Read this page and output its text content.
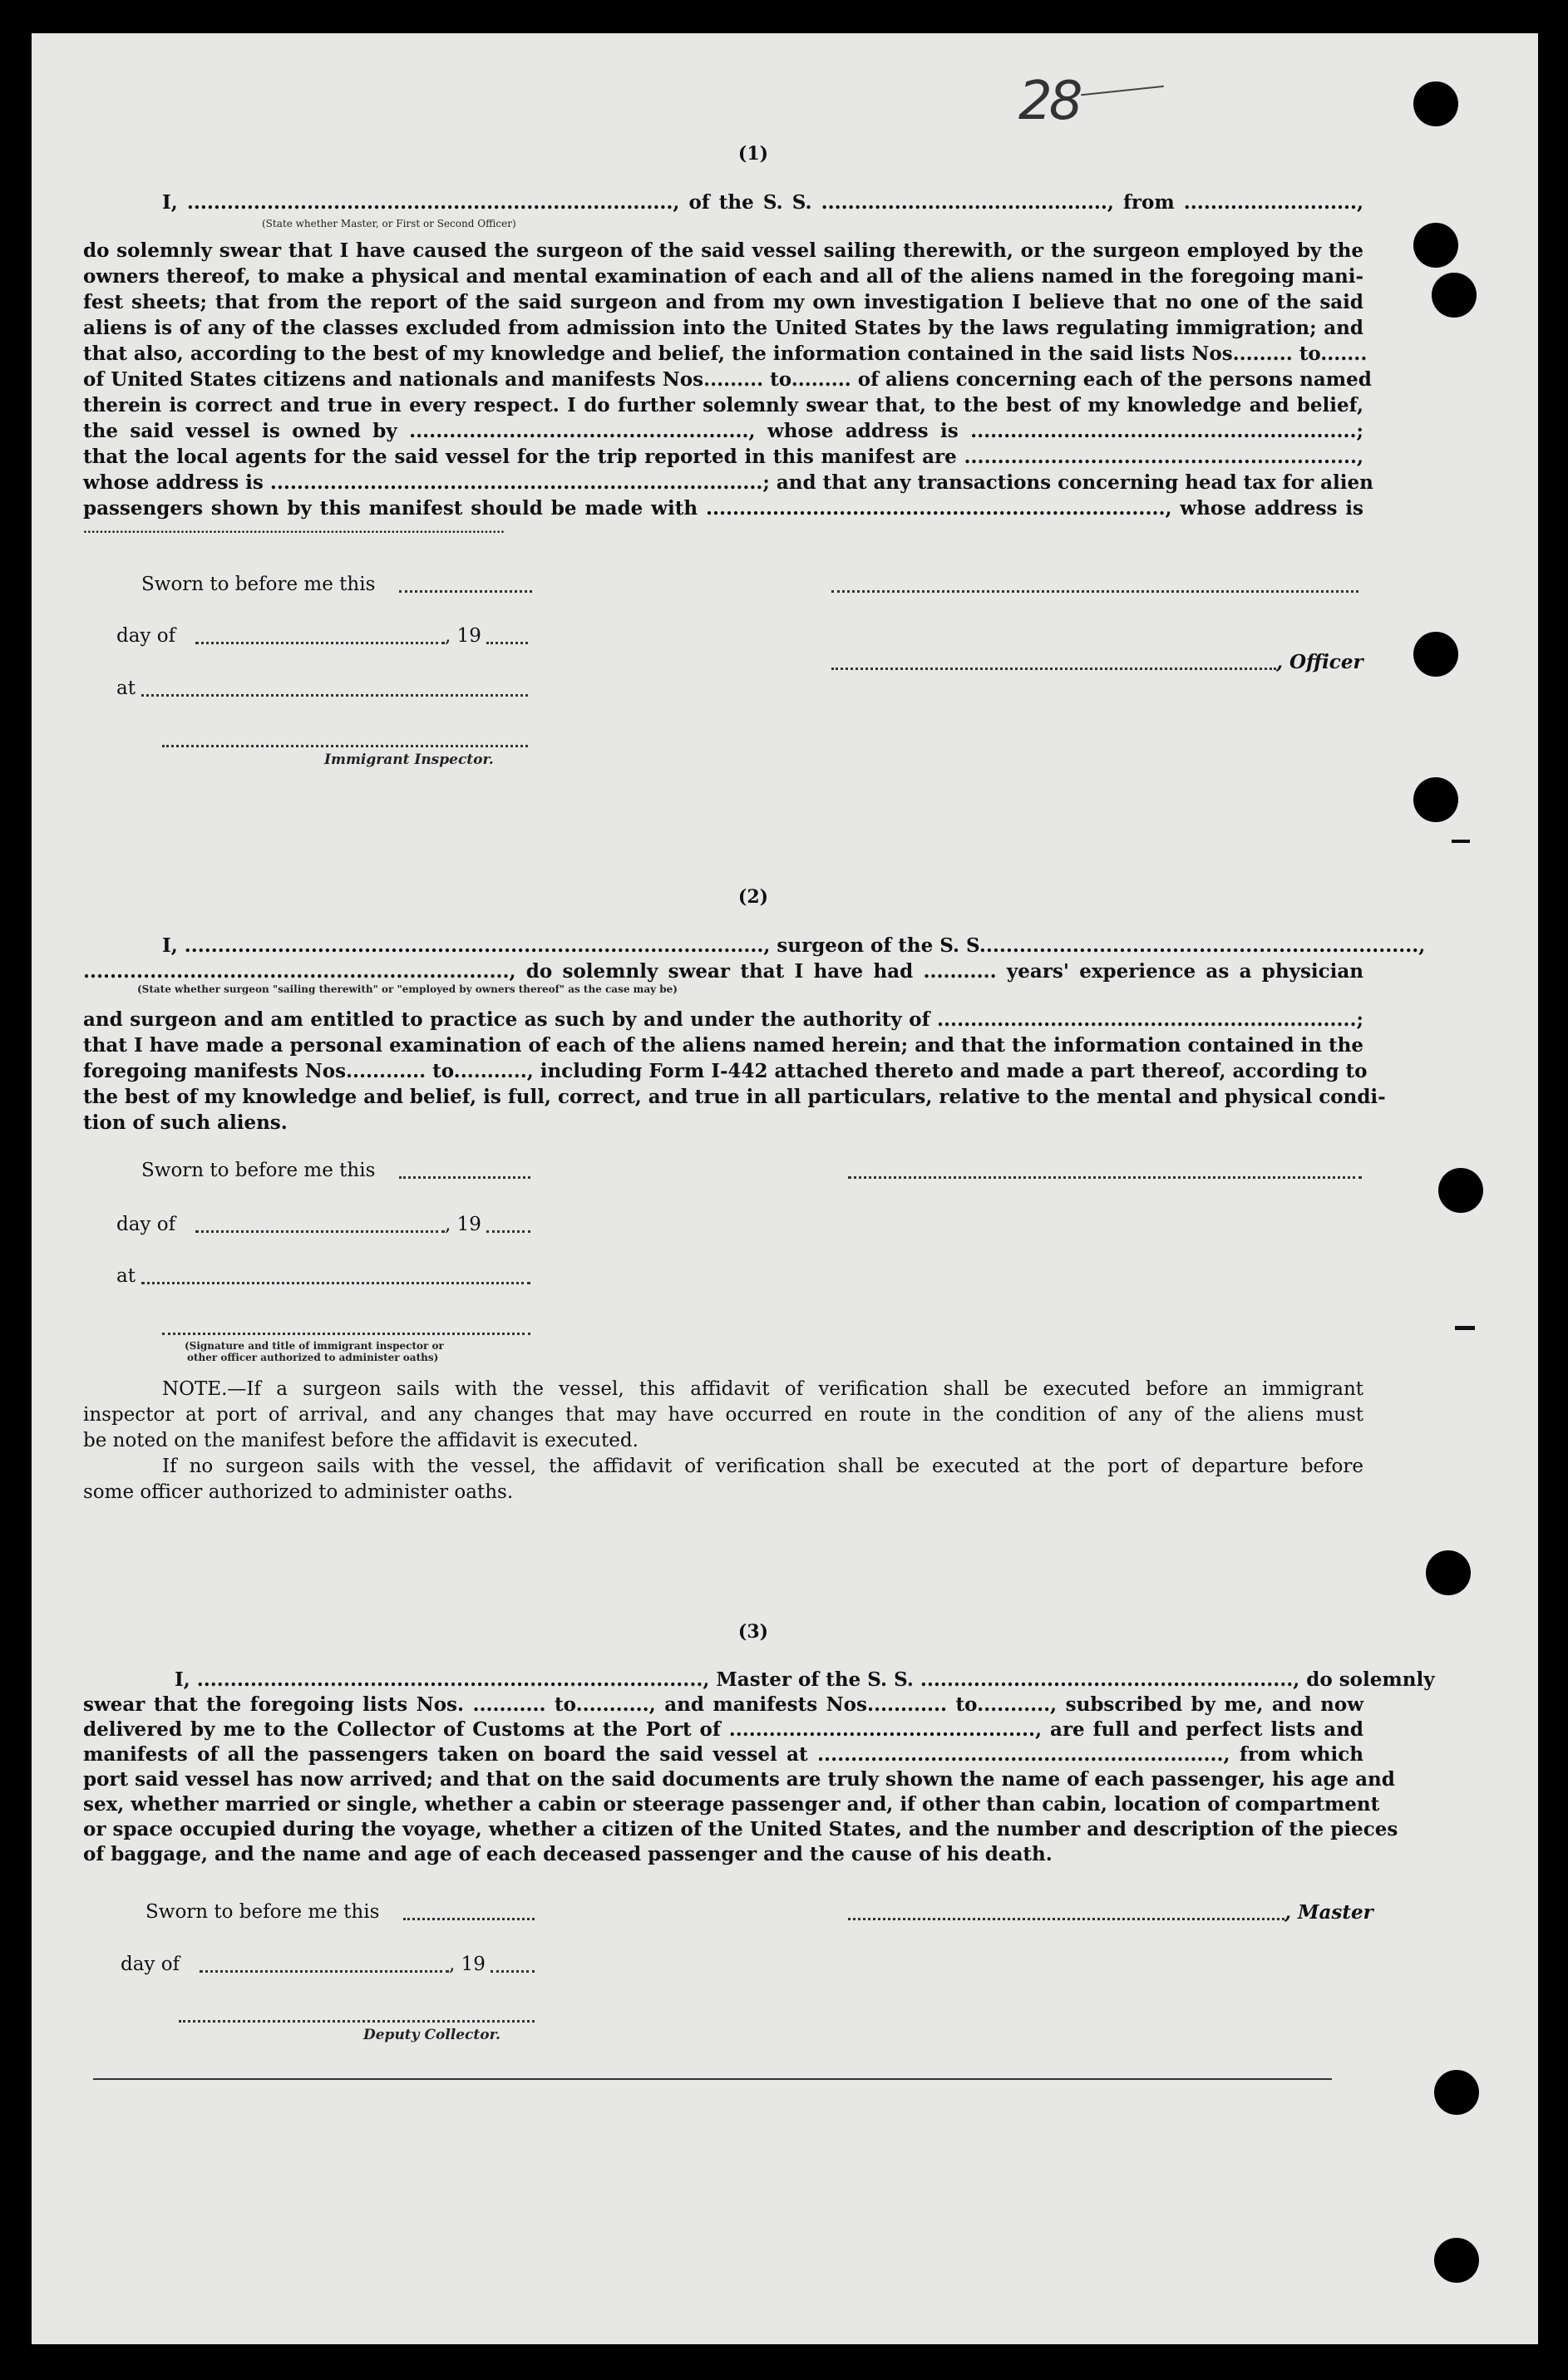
28
(1)
I, ........................................................................., of the S. S. ..........................................., from ..........................,
(State whether Master, or First or Second Officer)
do solemnly swear that I have caused the surgeon of the said vessel sailing therewith, or the surgeon employed by the
owners thereof, to make a physical and mental examination of each and all of the aliens named in the foregoing mani-
fest sheets; that from the report of the said surgeon and from my own investigation I believe that no one of the said
aliens is of any of the classes excluded from admission into the United States by the laws regulating immigration; and
that also, according to the best of my knowledge and belief, the information contained in the said lists Nos......... to.......
of United States citizens and nationals and manifests Nos......... to......... of aliens concerning each of the persons named
therein is correct and true in every respect. I do further solemnly swear that, to the best of my knowledge and belief,
the said vessel is owned by ..................................................., whose address is ..........................................................;
that the local agents for the said vessel for the trip reported in this manifest are ...........................................................,
whose address is ..........................................................................; and that any transactions concerning head tax for alien
passengers shown by this manifest should be made with ....................................................................., whose address is
........................................................................................................
Sworn to before me this
day of	, 19
, Officer
at
Immigrant Inspector.
(2)
I, ......................................................................................., surgeon of the S. S..................................................................,
................................................................, do solemnly swear that I have had ........... years' experience as a physician
(State whether surgeon "sailing therewith" or "employed by owners thereof" as the case may be)
and surgeon and am entitled to practice as such by and under the authority of ...............................................................;
that I have made a personal examination of each of the aliens named herein; and that the information contained in the
foregoing manifests Nos............ to..........., including Form I-442 attached thereto and made a part thereof, according to
the best of my knowledge and belief, is full, correct, and true in all particulars, relative to the mental and physical condi-
tion of such aliens.
Sworn to before me this
day of	, 19
at
(Signature and title of immigrant inspector or
other officer authorized to administer oaths)
NOTE.—If a surgeon sails with the vessel, this affidavit of verification shall be executed before an immigrant
inspector at port of arrival, and any changes that may have occurred en route in the condition of any of the aliens must
be noted on the manifest before the affidavit is executed.
If no surgeon sails with the vessel, the affidavit of verification shall be executed at the port of departure before
some officer authorized to administer oaths.
(3)
I, ............................................................................, Master of the S. S. ........................................................, do solemnly
swear that the foregoing lists Nos. ........... to..........., and manifests Nos............ to..........., subscribed by me, and now
delivered by me to the Collector of Customs at the Port of .............................................., are full and perfect lists and
manifests of all the passengers taken on board the said vessel at ............................................................., from which
port said vessel has now arrived; and that on the said documents are truly shown the name of each passenger, his age and
sex, whether married or single, whether a cabin or steerage passenger and, if other than cabin, location of compartment
or space occupied during the voyage, whether a citizen of the United States, and the number and description of the pieces
of baggage, and the name and age of each deceased passenger and the cause of his death.
Sworn to before me this	, Master
day of	, 19
Deputy Collector.
